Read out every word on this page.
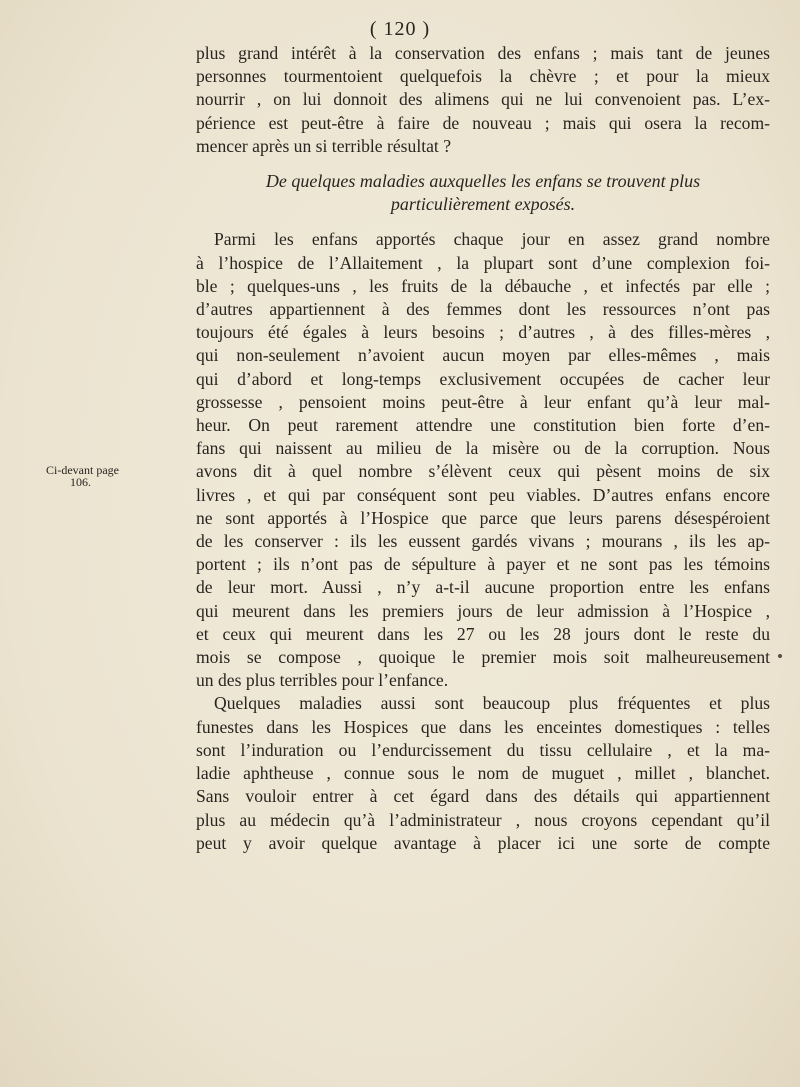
( 120 )
plus grand intérêt à la conservation des enfans ; mais tant de jeunes
personnes tourmentoient quelquefois la chèvre ; et pour la mieux
nourrir , on lui donnoit des alimens qui ne lui convenoient pas. L’ex-
périence est peut-être à faire de nouveau ; mais qui osera la recom-
mencer après un si terrible résultat ?
De quelques maladies auxquelles les enfans se trouvent plus
particulièrement exposés.
Parmi les enfans apportés chaque jour en assez grand nombre
à l’hospice de l’Allaitement , la plupart sont d’une complexion foi-
ble ; quelques-uns , les fruits de la débauche , et infectés par elle ;
d’autres appartiennent à des femmes dont les ressources n’ont pas
toujours été égales à leurs besoins ; d’autres , à des filles-mères ,
qui non-seulement n’avoient aucun moyen par elles-mêmes , mais
qui d’abord et long-temps exclusivement occupées de cacher leur
grossesse , pensoient moins peut-être à leur enfant qu’à leur mal-
heur. On peut rarement attendre une constitution bien forte d’en-
fans qui naissent au milieu de la misère ou de la corruption. Nous
avons dit à quel nombre s’élèvent ceux qui pèsent moins de six
livres , et qui par conséquent sont peu viables. D’autres enfans encore
ne sont apportés à l’Hospice que parce que leurs parens désespéroient
de les conserver : ils les eussent gardés vivans ; mourans , ils les ap-
portent ; ils n’ont pas de sépulture à payer et ne sont pas les témoins
de leur mort. Aussi , n’y a-t-il aucune proportion entre les enfans
qui meurent dans les premiers jours de leur admission à l’Hospice ,
et ceux qui meurent dans les 27 ou les 28 jours dont le reste du
mois se compose , quoique le premier mois soit malheureusement
un des plus terribles pour l’enfance.
Quelques maladies aussi sont beaucoup plus fréquentes et plus
funestes dans les Hospices que dans les enceintes domestiques : telles
sont l’induration ou l’endurcissement du tissu cellulaire , et la ma-
ladie aphtheuse , connue sous le nom de muguet , millet , blanchet.
Sans vouloir entrer à cet égard dans des détails qui appartiennent
plus au médecin qu’à l’administrateur , nous croyons cependant qu’il
peut y avoir quelque avantage à placer ici une sorte de compte
Ci-devant page
106.
